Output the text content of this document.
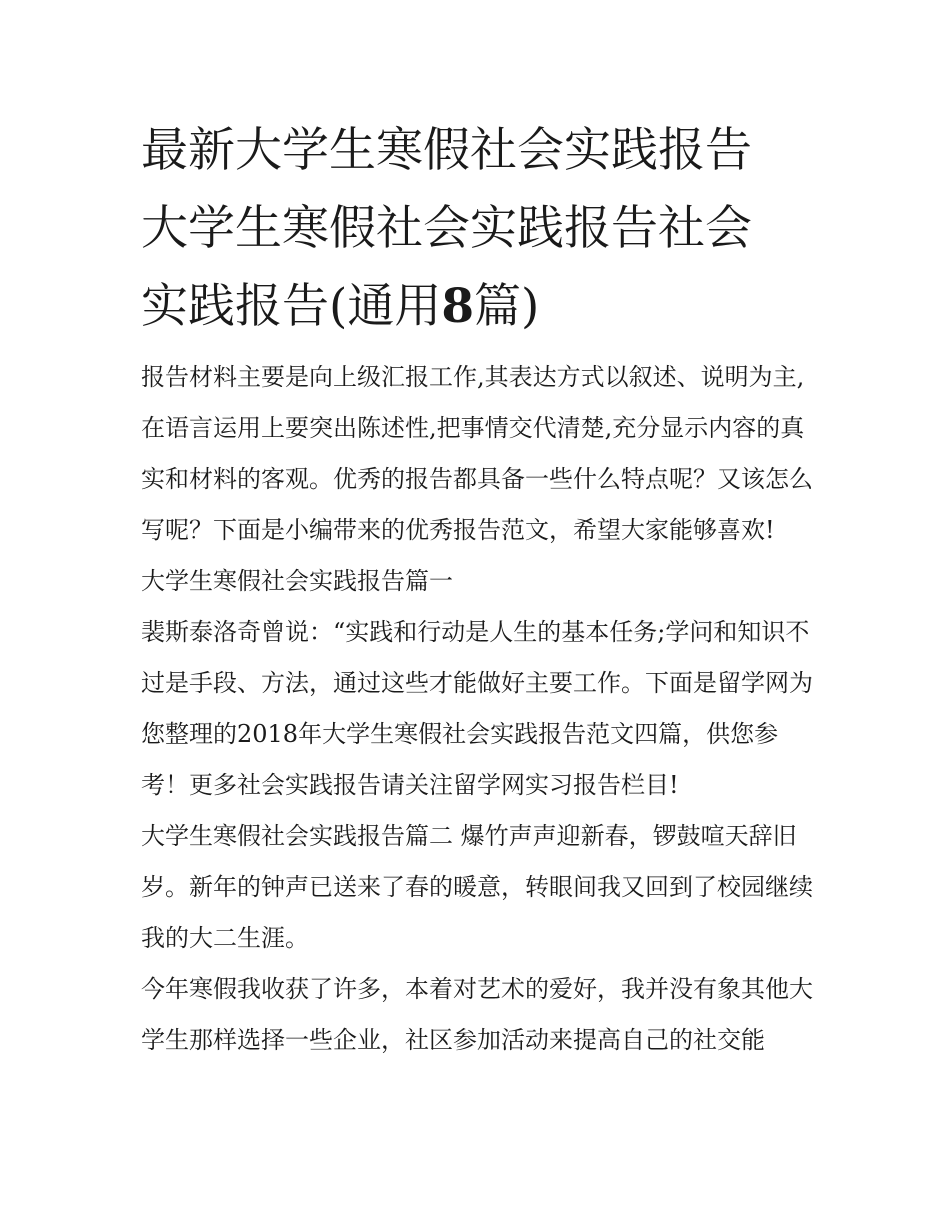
最新大学生寒假社会实践报告
大学生寒假社会实践报告社会
实践报告(通用8篇)

报告材料主要是向上级汇报工作,其表达方式以叙述、说明为主,在语言运用上要突出陈述性,把事情交代清楚,充分显示内容的真实和材料的客观。优秀的报告都具备一些什么特点呢？又该怎么写呢？下面是小编带来的优秀报告范文，希望大家能够喜欢!

大学生寒假社会实践报告篇一

裴斯泰洛奇曾说：“实践和行动是人生的基本任务;学问和知识不过是手段、方法，通过这些才能做好主要工作。下面是留学网为您整理的2018年大学生寒假社会实践报告范文四篇，供您参考！更多社会实践报告请关注留学网实习报告栏目!

大学生寒假社会实践报告篇二 爆竹声声迎新春，锣鼓喧天辞旧岁。新年的钟声已送来了春的暖意，转眼间我又回到了校园继续我的大二生涯。

今年寒假我收获了许多，本着对艺术的爱好，我并没有象其他大学生那样选择一些企业，社区参加活动来提高自己的社交能
